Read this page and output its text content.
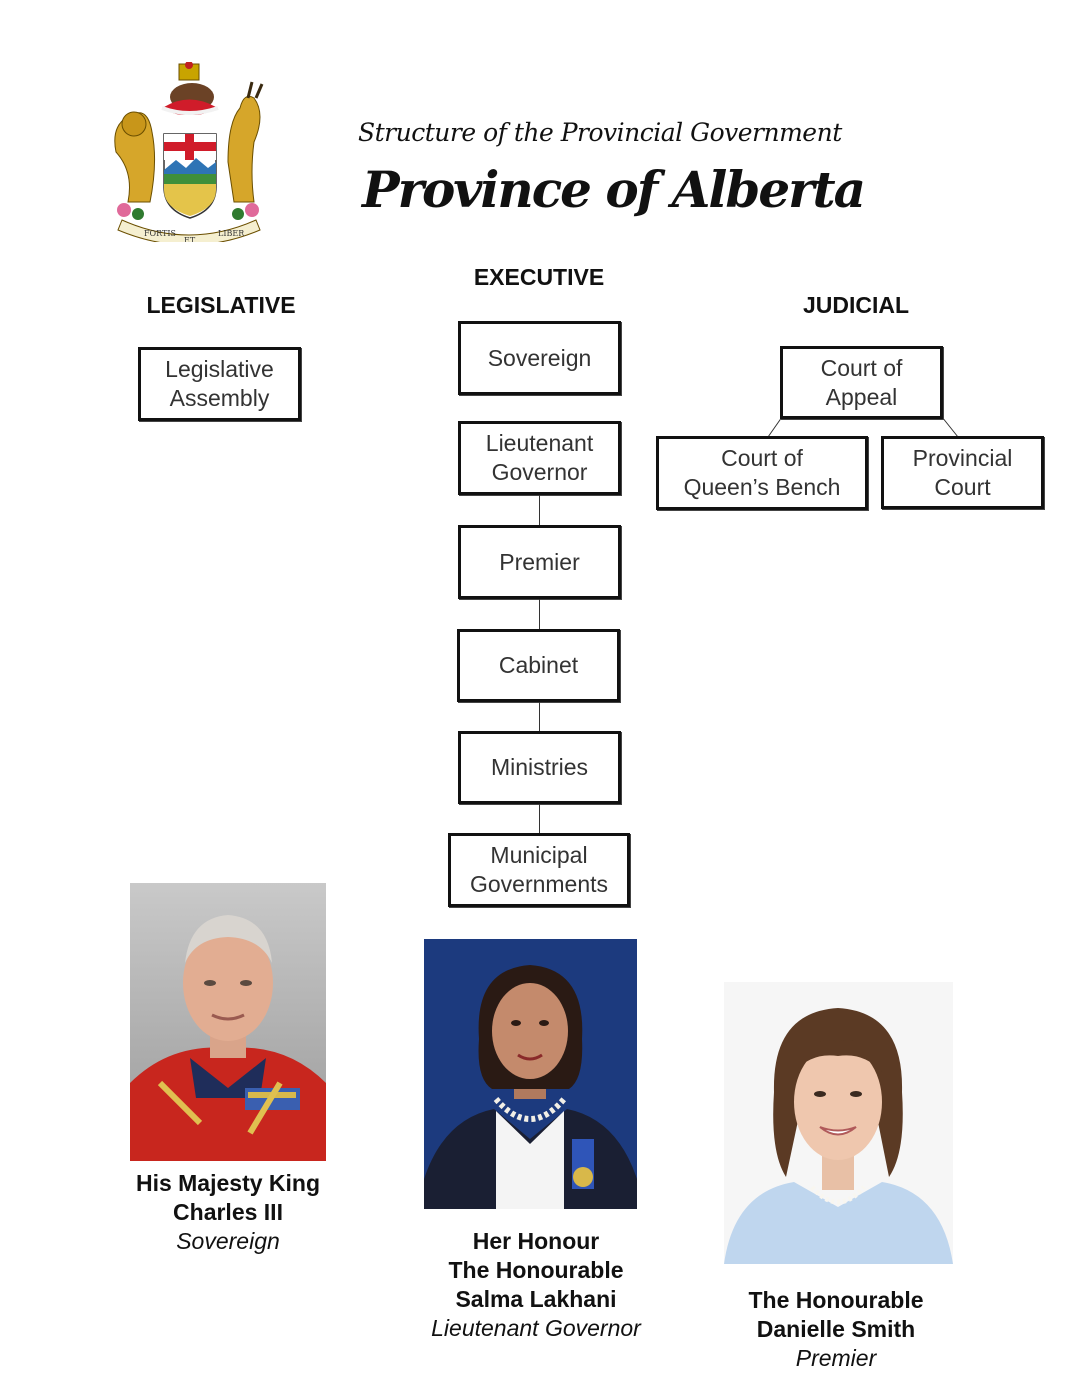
FORTIS
ET
LIBER
Structure of the Provincial Government
Province of Alberta
LEGISLATIVE
EXECUTIVE
JUDICIAL
Legislative
Assembly
Sovereign
Lieutenant
Governor
Premier
Cabinet
Ministries
Municipal
Governments
Court of
Appeal
Court of
Queen’s Bench
Provincial
Court
His Majesty King
Charles III
Sovereign	Her Honour
The Honourable
Salma Lakhani
Lieutenant Governor
The Honourable
Danielle Smith
Premier
